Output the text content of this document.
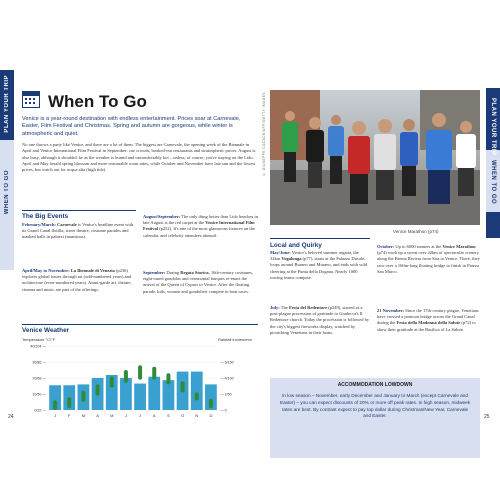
PLAN YOUR TRIP
WHEN TO GO
PLAN YOUR TRIP
WHEN TO GO
When To Go
Venice is a year-round destination with endless entertainment. Prices soar at Carnevale, Easter, Film Festival and Christmas. Spring and autumn are gorgeous, while winter is atmospheric and quiet.
No one throws a party like Venice, and there are a lot of them. The biggest are Carnevale, the opening week of the Biennale in April and Venice International Film Festival in September: cue crowds, booked-out restaurants and stratospheric prices. August is also busy, although it shouldn't be as the weather is humid and uncomfortably hot – unless, of course, you're staying on the Lido. April and May herald spring blossom and more reasonable room rates, while October and November have late sun and the lowest prices, but watch out for acqua alta (high tide).
The Big Events
February/March: Carnevale is Venice's headline event with its Grand Canal flotilla, street theatre, costume parades and masked balls in palazzi (mansions).
April/May to November: La Biennale di Venezia (p236) explores global issues through art (odd-numbered years) and architecture (even-numbered years). Avant-garde art, theatre, cinema and music are part of the offerings.
August/September: The only thing hotter than Lido beaches in late August is the red carpet at the Venice International Film Festival (p252). It's one of the most glamorous fixtures on the calendar, and celebrity attendees abound.
September: During Regata Storica, 16th-century costumes, eight-oared gondolas and ceremonial barques re-enact the arrival of the Queen of Cyprus to Venice. After the floating parade, kids, women and gondolieri compete in boat races.
Venice Weather
Temperature °C/°F	Rainfall inches/mm
40/104 —
30/86 —
20/68 —
10/50 —
0/32 —
— 6/150
— 4/100
— 2/50
— 0
J	F	M	A	M	J	J	A	S	O	N	D
© GIUSEPPE CACACE/AFP/GETTY IMAGES
Venice Marathon (p74)
Local and Quirky
May/June: Venice's beloved summer regatta, the 32km Vogalonga (p77), starts at the Palazzo Ducale, loops around Burano and Murano, and ends with wild cheering at the Punta della Dogana. Nearly 1000 rowing teams compete.
July: The Festa del Redentore (p249), started as a post-plague procession of gratitude to Giudecca's Il Redentore church. Today the procession is followed by the city's biggest fireworks display, watched by picnicking Venetians in their boats.
October: Up to 6000 runners at the Venice Marathon (p74) work up a sweat over 42km of spectacular scenery along the Brenta Riviera from Stra to Venice. There, they race over a 160m-long floating bridge to finish in Piazza San Marco.
21 November: Since the 17th-century plague, Venetians have crossed a pontoon bridge across the Grand Canal during the Festa della Madonna della Salute (p72) to show their gratitude at the Basilica of La Salute.
ACCOMMODATION LOWDOWN
In low season – November, early December and January to March (except Carnevale and Easter) – you can expect discounts of 20% or more off peak rates. In high season, midweek rates are best. By contrast expect to pay top dollar during Christmas/New Year, Carnevale and Easter.
24	25
